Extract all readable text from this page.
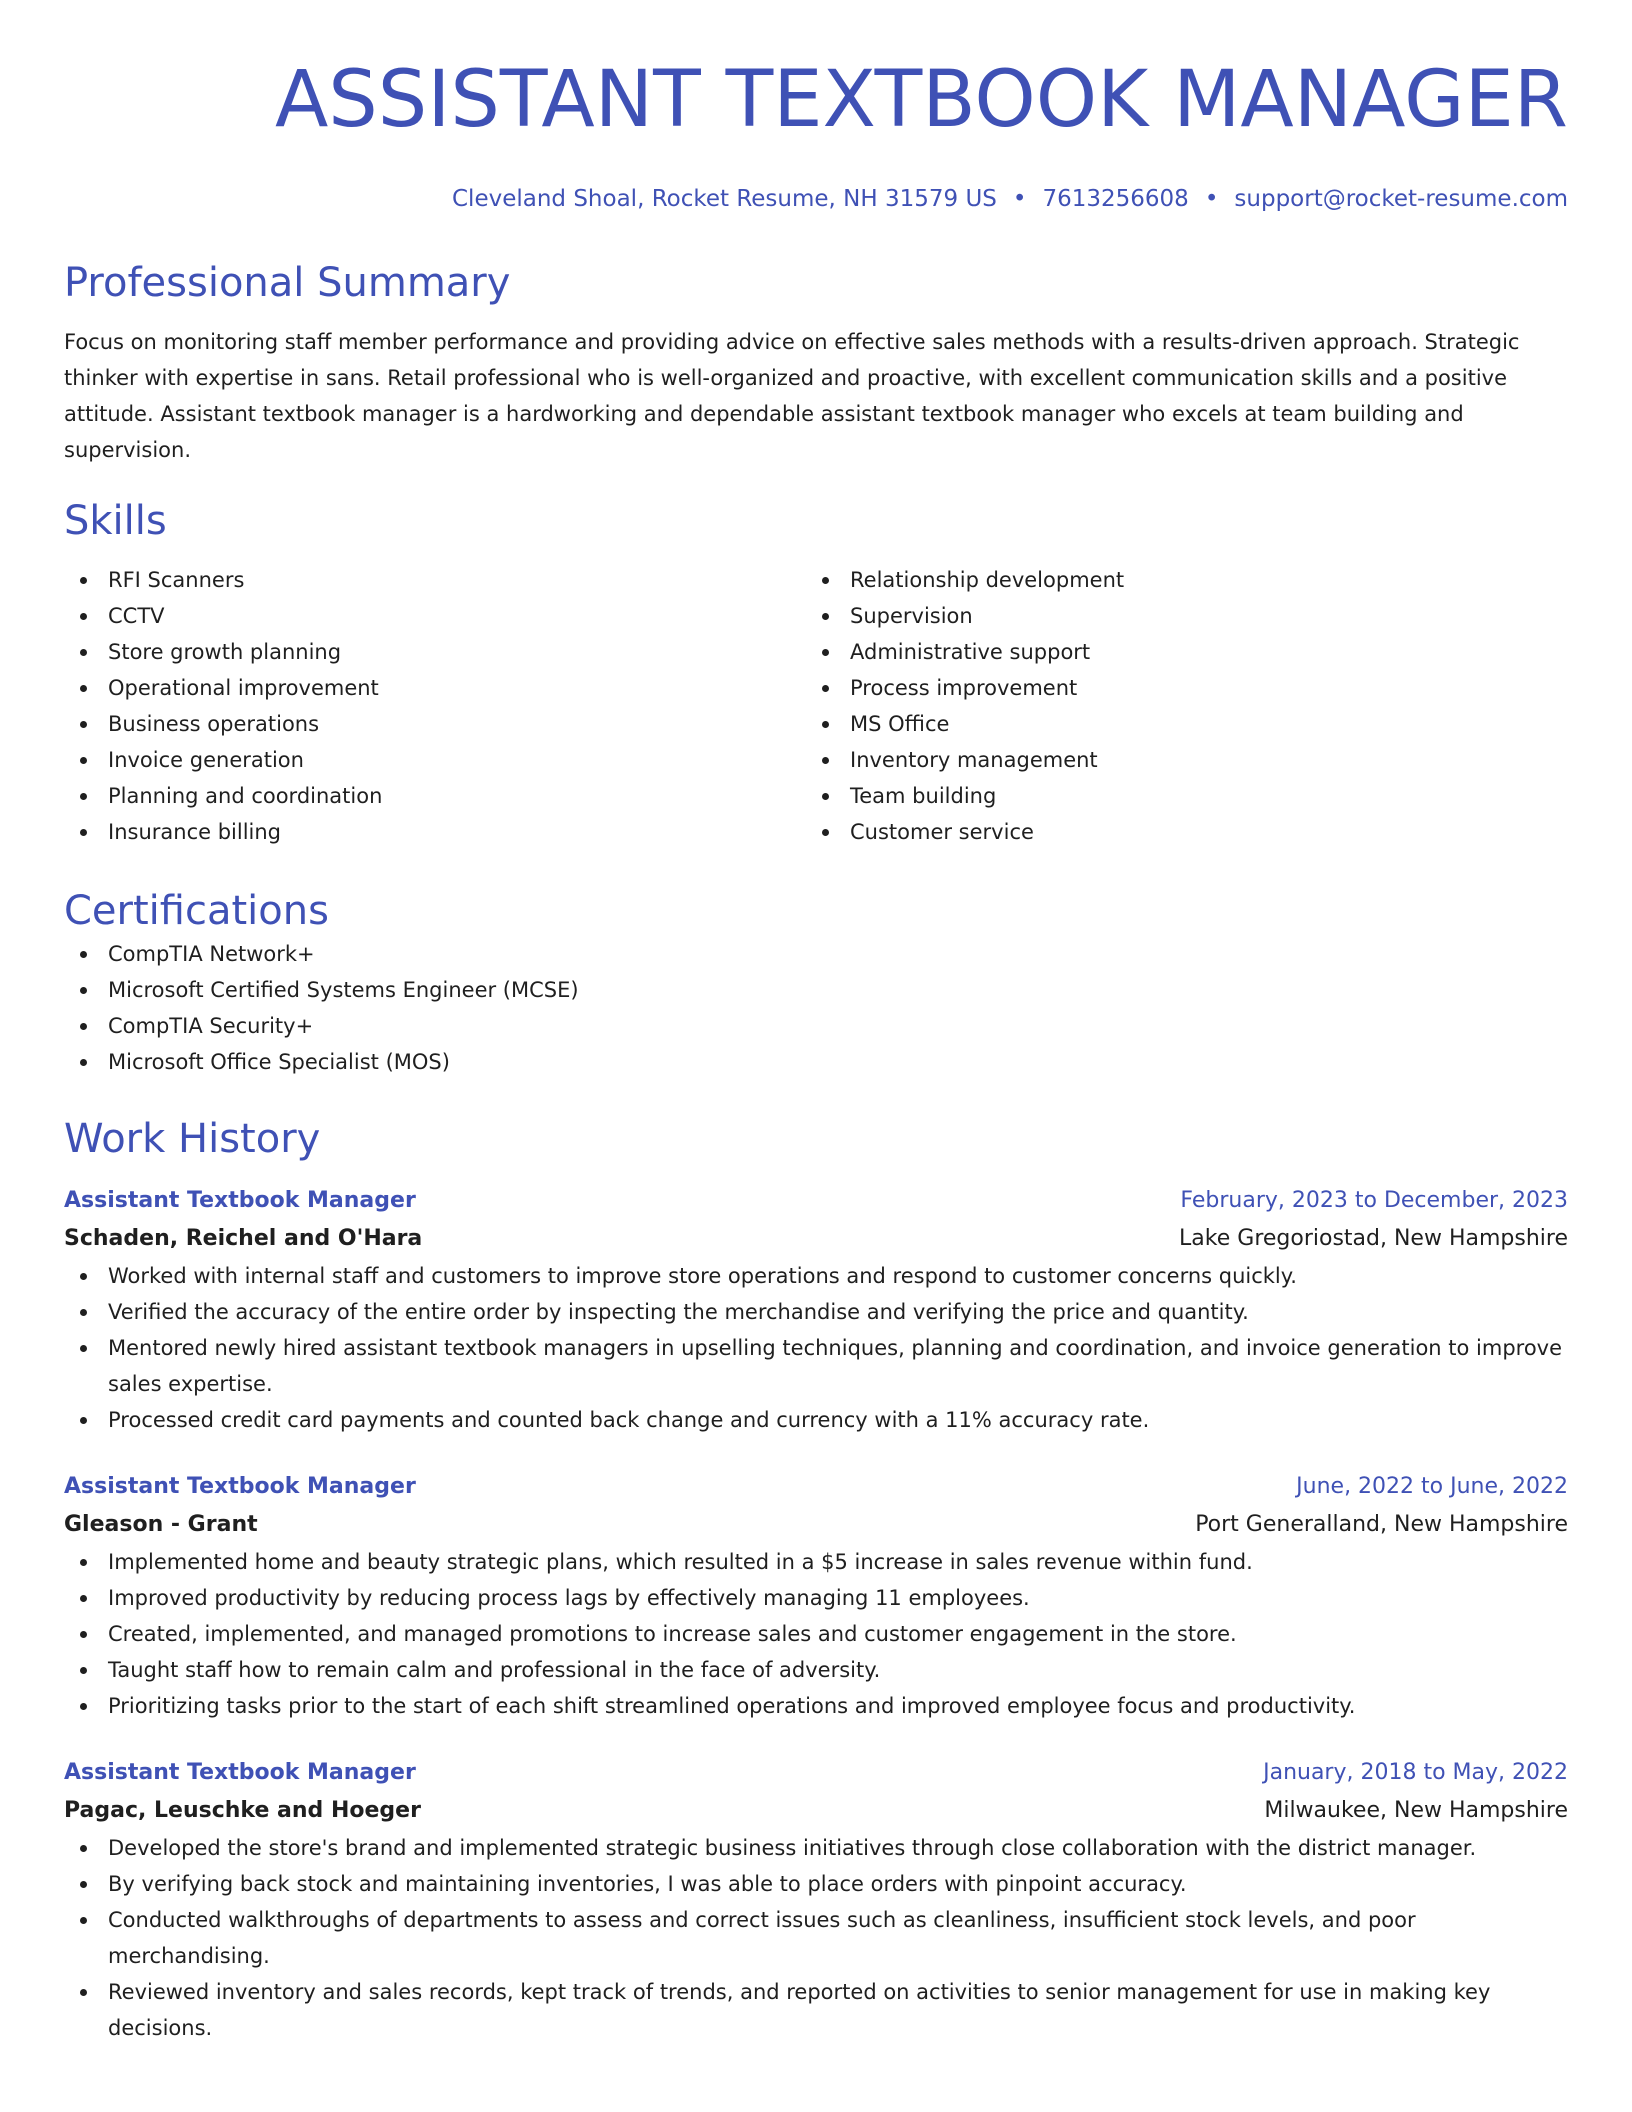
ASSISTANT TEXTBOOK MANAGER
Cleveland Shoal, Rocket Resume, NH 31579 US • 7613256608 • support@rocket-resume.com
Professional Summary

Focus on monitoring staff member performance and providing advice on effective sales methods with a results-driven approach. Strategic thinker with expertise in sans. Retail professional who is well-organized and proactive, with excellent communication skills and a positive attitude. Assistant textbook manager is a hardworking and dependable assistant textbook manager who excels at team building and supervision.

Skills
RFI Scanners
CCTV
Store growth planning
Operational improvement
Business operations
Invoice generation
Planning and coordination
Insurance billing
Relationship development
Supervision
Administrative support
Process improvement
MS Office
Inventory management
Team building
Customer service
Certifications
CompTIA Network+
Microsoft Certified Systems Engineer (MCSE)
CompTIA Security+
Microsoft Office Specialist (MOS)
Work History
Assistant Textbook Manager	February, 2023 to December, 2023
Schaden, Reichel and O'Hara	Lake Gregoriostad, New Hampshire
Worked with internal staff and customers to improve store operations and respond to customer concerns quickly.
Verified the accuracy of the entire order by inspecting the merchandise and verifying the price and quantity.
Mentored newly hired assistant textbook managers in upselling techniques, planning and coordination, and invoice generation to improve sales expertise.
Processed credit card payments and counted back change and currency with a 11% accuracy rate.
Assistant Textbook Manager	June, 2022 to June, 2022
Gleason - Grant	Port Generalland, New Hampshire
Implemented home and beauty strategic plans, which resulted in a $5 increase in sales revenue within fund.
Improved productivity by reducing process lags by effectively managing 11 employees.
Created, implemented, and managed promotions to increase sales and customer engagement in the store.
Taught staff how to remain calm and professional in the face of adversity.
Prioritizing tasks prior to the start of each shift streamlined operations and improved employee focus and productivity.
Assistant Textbook Manager	January, 2018 to May, 2022
Pagac, Leuschke and Hoeger	Milwaukee, New Hampshire
Developed the store's brand and implemented strategic business initiatives through close collaboration with the district manager.
By verifying back stock and maintaining inventories, I was able to place orders with pinpoint accuracy.
Conducted walkthroughs of departments to assess and correct issues such as cleanliness, insufficient stock levels, and poor merchandising.
Reviewed inventory and sales records, kept track of trends, and reported on activities to senior management for use in making key decisions.
